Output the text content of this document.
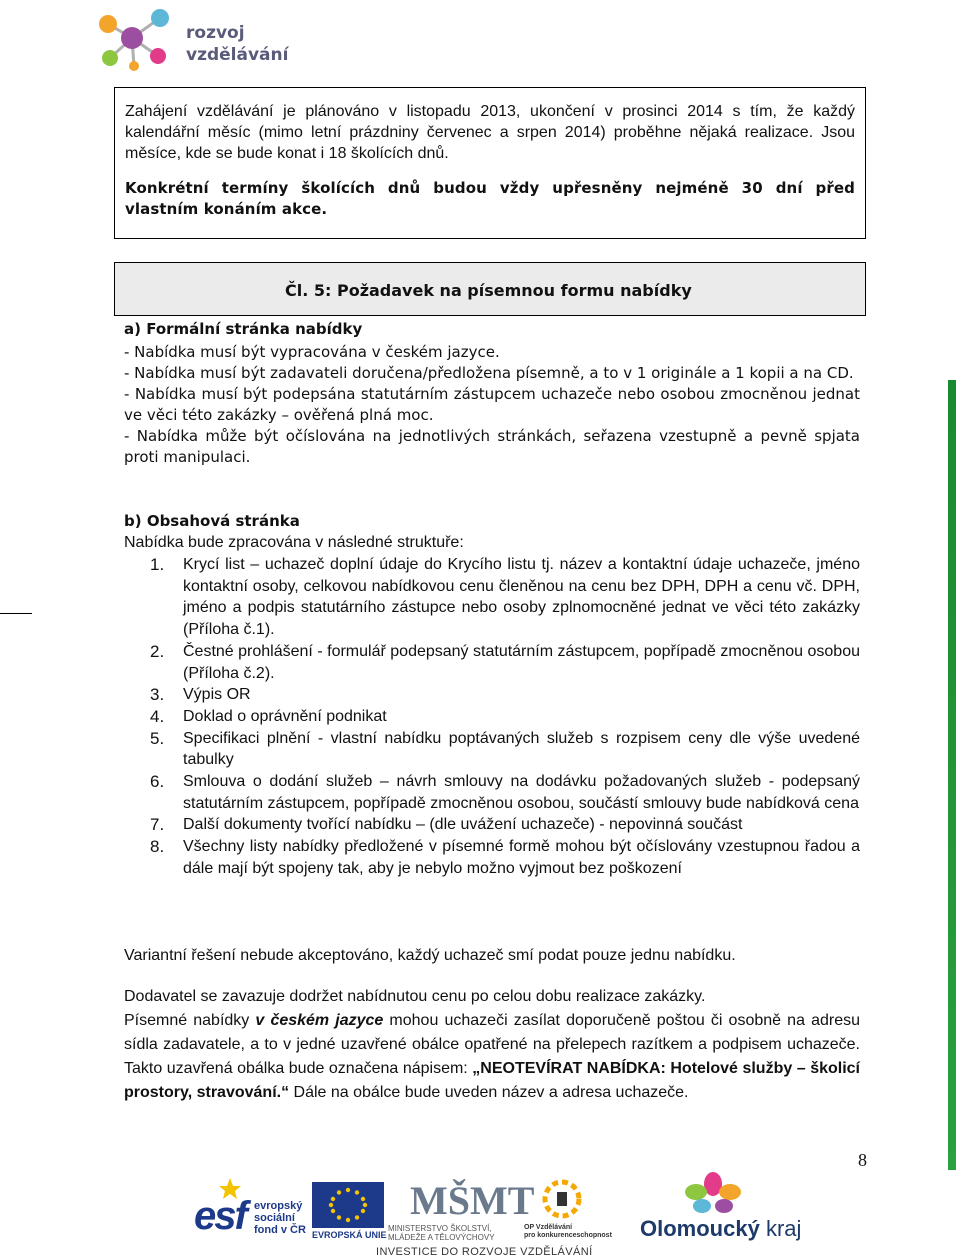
rozvoj
vzdělávání

Zahájení vzdělávání je plánováno v listopadu 2013, ukončení v prosinci 2014 s tím, že každý kalendářní měsíc (mimo letní prázdniny červenec a srpen 2014) proběhne nějaká realizace. Jsou měsíce, kde se bude konat i 18 školících dnů.

Konkrétní termíny školících dnů budou vždy upřesněny nejméně 30 dní před vlastním konáním akce.

Čl. 5: Požadavek na písemnou formu nabídky
a) Formální stránka nabídky

- Nabídka musí být vypracována v českém jazyce.

- Nabídka musí být zadavateli doručena/předložena písemně, a to v 1 originále a 1 kopii a na CD.

- Nabídka musí být podepsána statutárním zástupcem uchazeče nebo osobou zmocněnou jednat ve věci této zakázky – ověřená plná moc.

- Nabídka může být očíslována na jednotlivých stránkách, seřazena vzestupně a pevně spjata proti manipulaci.

b) Obsahová stránka
Nabídka bude zpracována v následné struktuře:
1. Krycí list – uchazeč doplní údaje do Krycího listu tj. název a kontaktní údaje uchazeče, jméno kontaktní osoby, celkovou nabídkovou cenu členěnou na cenu bez DPH, DPH a cenu vč. DPH, jméno a podpis statutárního zástupce nebo osoby zplnomocněné jednat ve věci této zakázky (Příloha č.1).
2. Čestné prohlášení - formulář podepsaný statutárním zástupcem, popřípadě zmocněnou osobou (Příloha č.2).
3. Výpis OR
4. Doklad o oprávnění podnikat
5. Specifikaci plnění - vlastní nabídku poptávaných služeb s rozpisem ceny dle výše uvedené tabulky
6. Smlouva o dodání služeb – návrh smlouvy na dodávku požadovaných služeb - podepsaný statutárním zástupcem, popřípadě zmocněnou osobou, součástí smlouvy bude nabídková cena
7. Další dokumenty tvořící nabídku – (dle uvážení uchazeče) - nepovinná součást
8. Všechny listy nabídky předložené v písemné formě mohou být očíslovány vzestupnou řadou a dále mají být spojeny tak, aby je nebylo možno vyjmout bez poškození

Variantní řešení nebude akceptováno, každý uchazeč smí podat pouze jednu nabídku.

Dodavatel se zavazuje dodržet nabídnutou cenu po celou dobu realizace zakázky.

Písemné nabídky v českém jazyce mohou uchazeči zasílat doporučeně poštou či osobně na adresu sídla zadavatele, a to v jedné uzavřené obálce opatřené na přelepech razítkem a podpisem uchazeče. Takto uzavřená obálka bude označena nápisem: „NEOTEVÍRAT NABÍDKA: Hotelové služby – školicí prostory, stravování.“ Dále na obálce bude uveden název a adresa uchazeče.

8
esf evropský
sociální
fond v ČR EVROPSKÁ UNIE
MŠMT
MINISTERSTVO ŠKOLSTVÍ,
MLÁDEŽE A TĚLOVÝCHOVY
OP Vzdělávání
pro konkurenceschopnost Olomoucký kraj
INVESTICE DO ROZVOJE VZDĚLÁVÁNÍ
